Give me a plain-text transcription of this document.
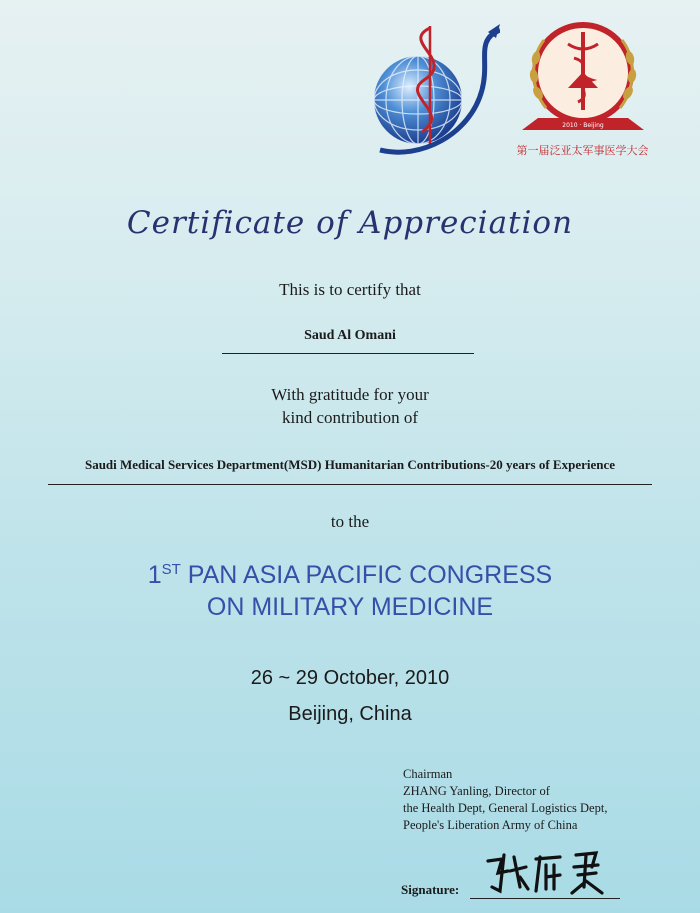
2010 · Beijing
第一届泛亚太军事医学大会
Certificate of Appreciation
This is to certify that
Saud Al Omani
With gratitude for your
kind contribution of
Saudi Medical Services Department(MSD) Humanitarian Contributions-20 years of Experience
to the
1ST PAN ASIA PACIFIC CONGRESS
ON MILITARY MEDICINE
26 ~ 29 October, 2010
Beijing, China
Chairman
ZHANG Yanling, Director of
the Health Dept, General Logistics Dept,
People's Liberation Army of China
Signature:
